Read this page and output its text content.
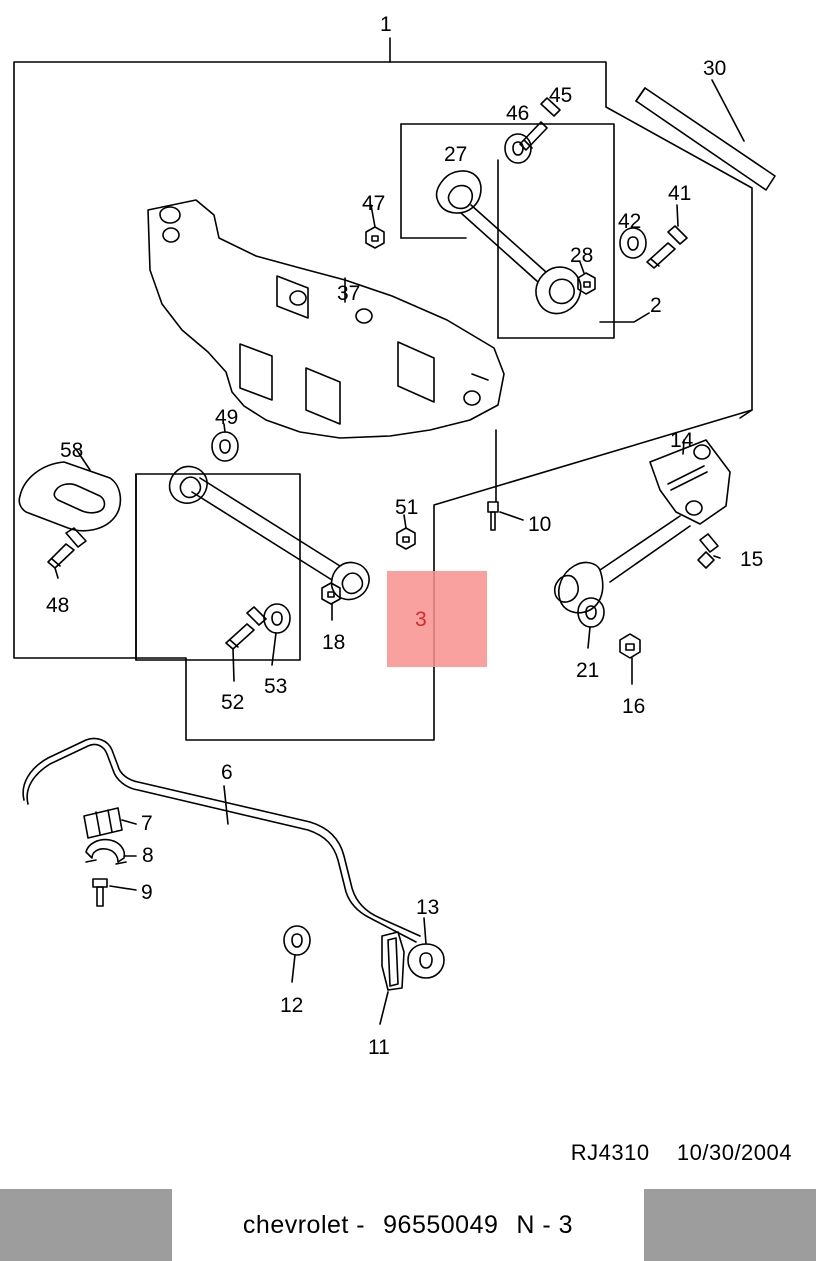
1
30
45
46
27
41
47
42
28
37
2
49
14
58
51
10
15
48
3
18
21
16
53
52
6
7
8
9
13
12
11
RJ4310 10/30/2004
chevrolet - 96550049 N - 3
